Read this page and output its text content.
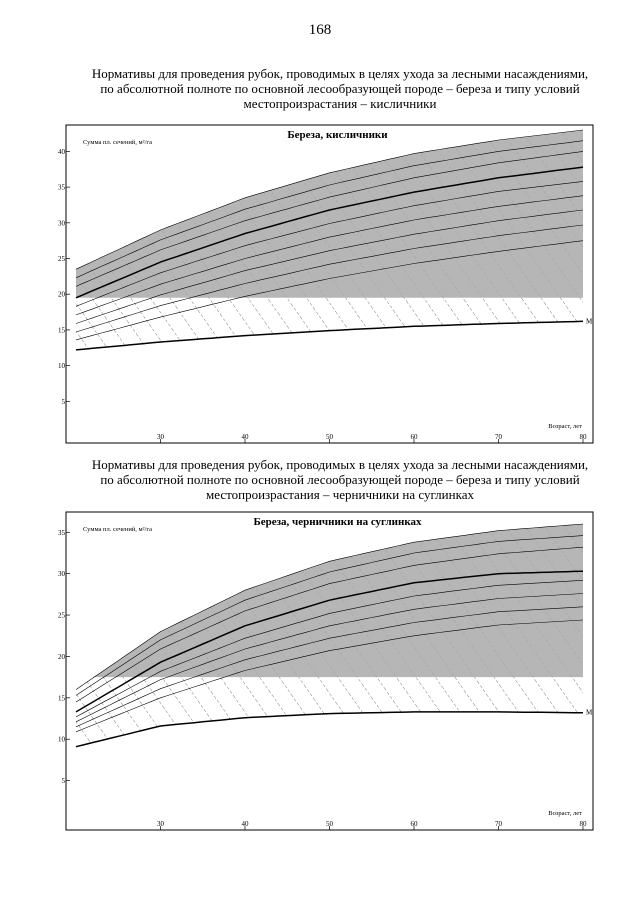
168
Нормативы для проведения рубок, проводимых в целях ухода за лесными насаждениями,
по абсолютной полноте по основной лесообразующей породе – береза и типу условий
местопроизрастания – кисличники
Нормативы для проведения рубок, проводимых в целях ухода за лесными насаждениями,
по абсолютной полноте по основной лесообразующей породе – береза и типу условий
местопроизрастания – черничники на суглинках
М
5
10
15
20
25
30
35
40
30	40	50	60	70	80
Береза, кисличники
Сумма пл. сечений, м²/га
Возраст, лет
М
5
10
15
20
25
30
35
30	40	50	60	70	80
Береза, черничники на суглинках
Сумма пл. сечений, м²/га
Возраст, лет
